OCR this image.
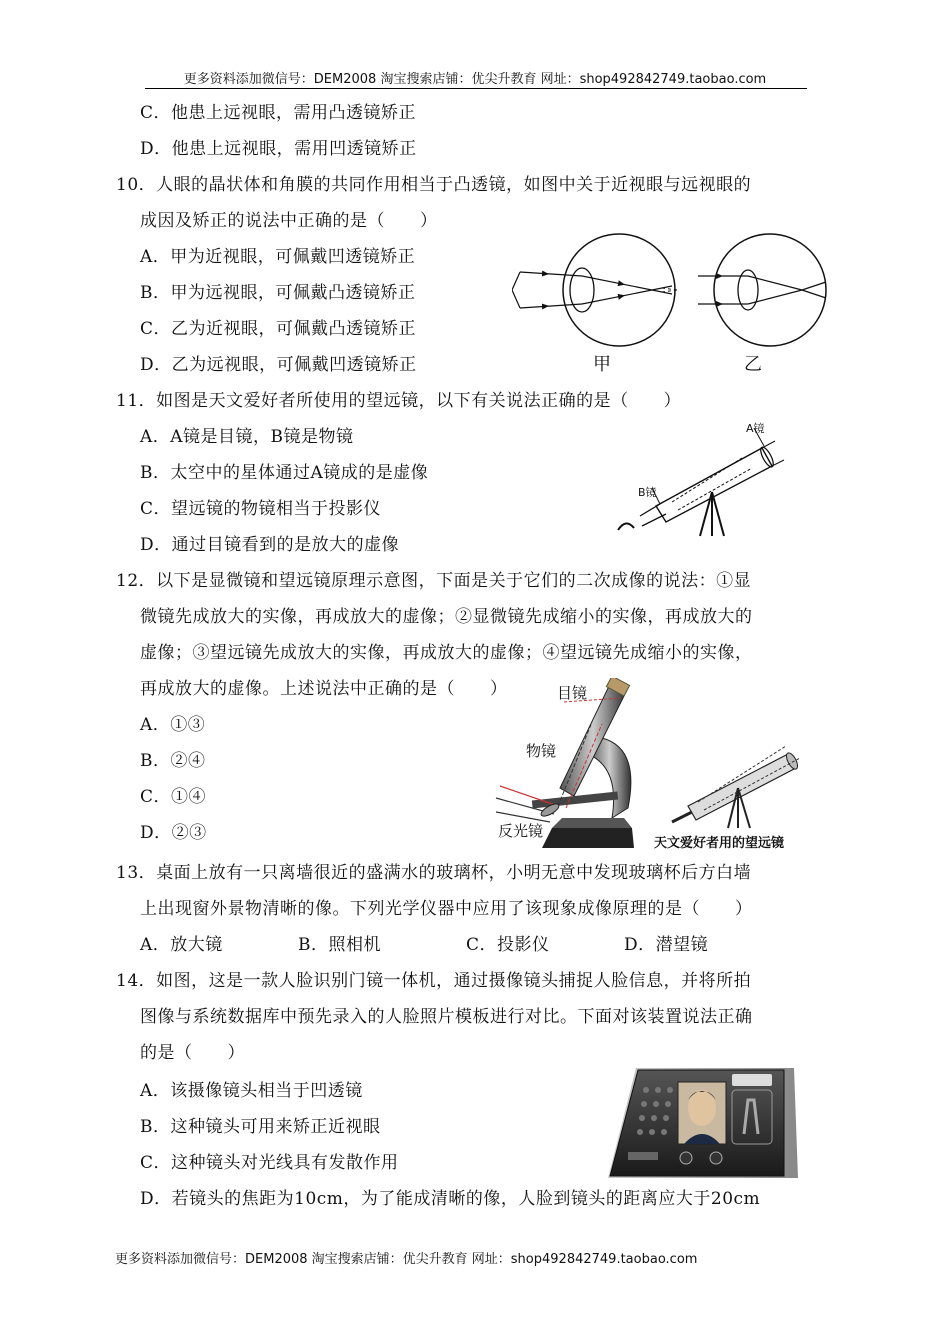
更多资料添加微信号：DEM2008 淘宝搜索店铺：优尖升教育 网址：shop492842749.taobao.com
C．他患上远视眼，需用凸透镜矫正
D．他患上远视眼，需用凹透镜矫正
10．人眼的晶状体和角膜的共同作用相当于凸透镜，如图中关于近视眼与远视眼的
成因及矫正的说法中正确的是（　　）
A．甲为近视眼，可佩戴凹透镜矫正
B．甲为远视眼，可佩戴凸透镜矫正
C．乙为近视眼，可佩戴凸透镜矫正
D．乙为远视眼，可佩戴凹透镜矫正	甲	乙
11．如图是天文爱好者所使用的望远镜，以下有关说法正确的是（　　）
A．A镜是目镜，B镜是物镜
B．太空中的星体通过A镜成的是虚像
C．望远镜的物镜相当于投影仪
D．通过目镜看到的是放大的虚像
A镜
B镜
12．以下是显微镜和望远镜原理示意图，下面是关于它们的二次成像的说法：①显
微镜先成放大的实像，再成放大的虚像；②显微镜先成缩小的实像，再成放大的
虚像；③望远镜先成放大的实像，再成放大的虚像；④望远镜先成缩小的实像，
再成放大的虚像。上述说法中正确的是（　　）
A．①③
B．②④
C．①④
D．②③
目镜
物镜
反光镜
天文爱好者用的望远镜
13．桌面上放有一只离墙很近的盛满水的玻璃杯，小明无意中发现玻璃杯后方白墙
上出现窗外景物清晰的像。下列光学仪器中应用了该现象成像原理的是（　　）
A．放大镜	B．照相机	C．投影仪	D．潜望镜
14．如图，这是一款人脸识别门镜一体机，通过摄像镜头捕捉人脸信息，并将所拍
图像与系统数据库中预先录入的人脸照片模板进行对比。下面对该装置说法正确
的是（　　）
A．该摄像镜头相当于凹透镜
B．这种镜头可用来矫正近视眼
C．这种镜头对光线具有发散作用
D．若镜头的焦距为10cm，为了能成清晰的像，人脸到镜头的距离应大于20cm
更多资料添加微信号：DEM2008 淘宝搜索店铺：优尖升教育 网址：shop492842749.taobao.com
